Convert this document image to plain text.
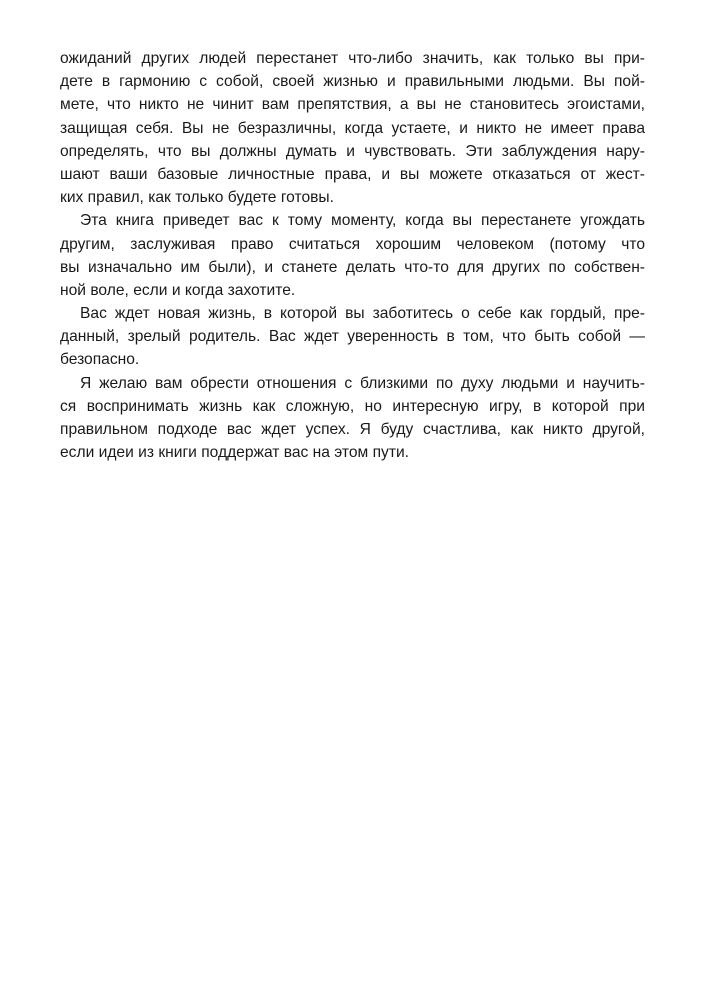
ожиданий других людей перестанет что-либо значить, как только вы при-
дете в гармонию с собой, своей жизнью и правильными людьми. Вы пой-
мете, что никто не чинит вам препятствия, а вы не становитесь эгоистами,
защищая себя. Вы не безразличны, когда устаете, и никто не имеет права
определять, что вы должны думать и чувствовать. Эти заблуждения нару-
шают ваши базовые личностные права, и вы можете отказаться от жест-
ких правил, как только будете готовы.

Эта книга приведет вас к тому моменту, когда вы перестанете угождать
другим, заслуживая право считаться хорошим человеком (потому что
вы изначально им были), и станете делать что-то для других по собствен-
ной воле, если и когда захотите.

Вас ждет новая жизнь, в которой вы заботитесь о себе как гордый, пре-
данный, зрелый родитель. Вас ждет уверенность в том, что быть собой —
безопасно.

Я желаю вам обрести отношения с близкими по духу людьми и научить-
ся воспринимать жизнь как сложную, но интересную игру, в которой при
правильном подходе вас ждет успех. Я буду счастлива, как никто другой,
если идеи из книги поддержат вас на этом пути.
